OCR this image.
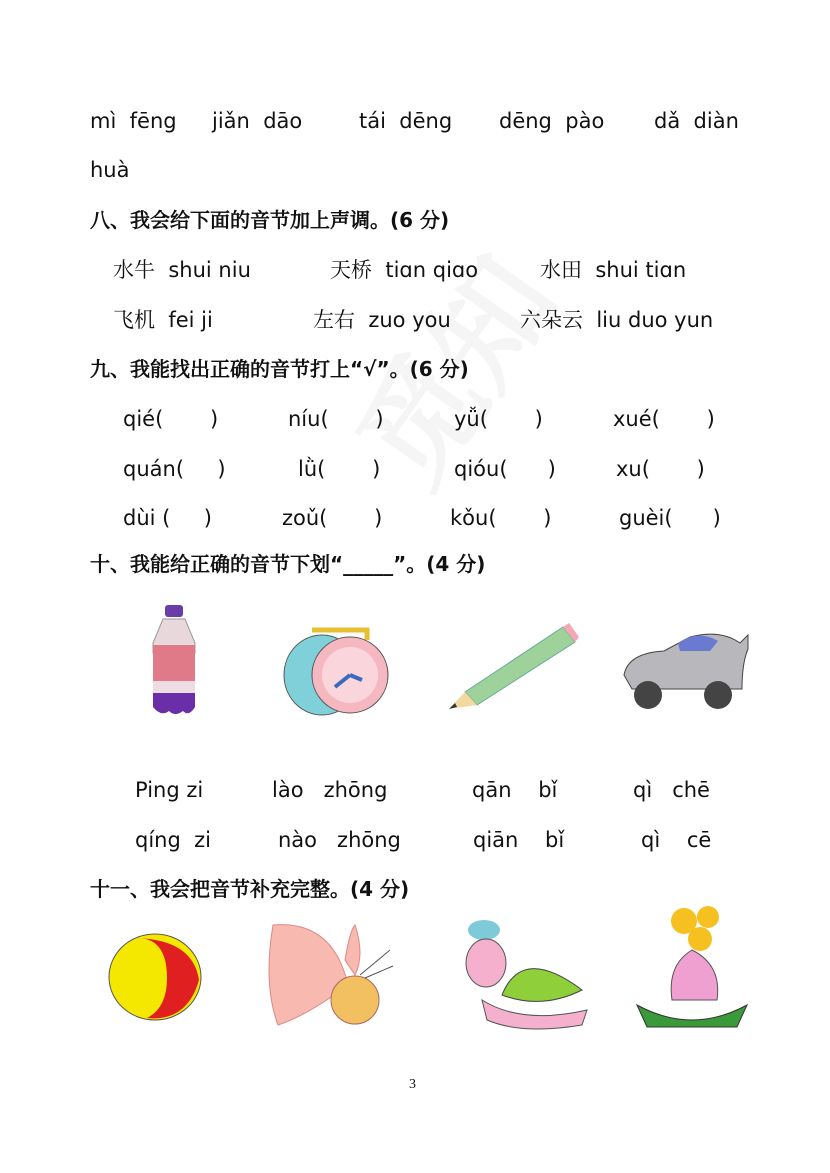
mì  fēng jiǎn  dāo	tái  dēng dēng  pào dǎ  diàn
huà
八、我会给下面的音节加上声调。(6 分)
水牛  shui niu	天桥  tiɑn qiɑo	水田  shui tiɑn
飞机  fei ji	左右  zuo you	六朵云  liu duo yun
九、我能找出正确的音节打上“√”。(6 分)
qié(       )	níu(       )	yǚ(       )	xué(       )
quán(     )	lǜ(       )	qióu(      )	xu(       )
dùi (     )	zoǔ(       )	kǒu(       )	guèi(      )
十、我能给正确的音节下划“_____”。(4 分)
Ping zi	lào   zhōng	qān    bǐ	qì   chē
qíng  zi	nào   zhōng	qiān    bǐ	qì    cē
十一、我会把音节补充完整。(4 分)
3
